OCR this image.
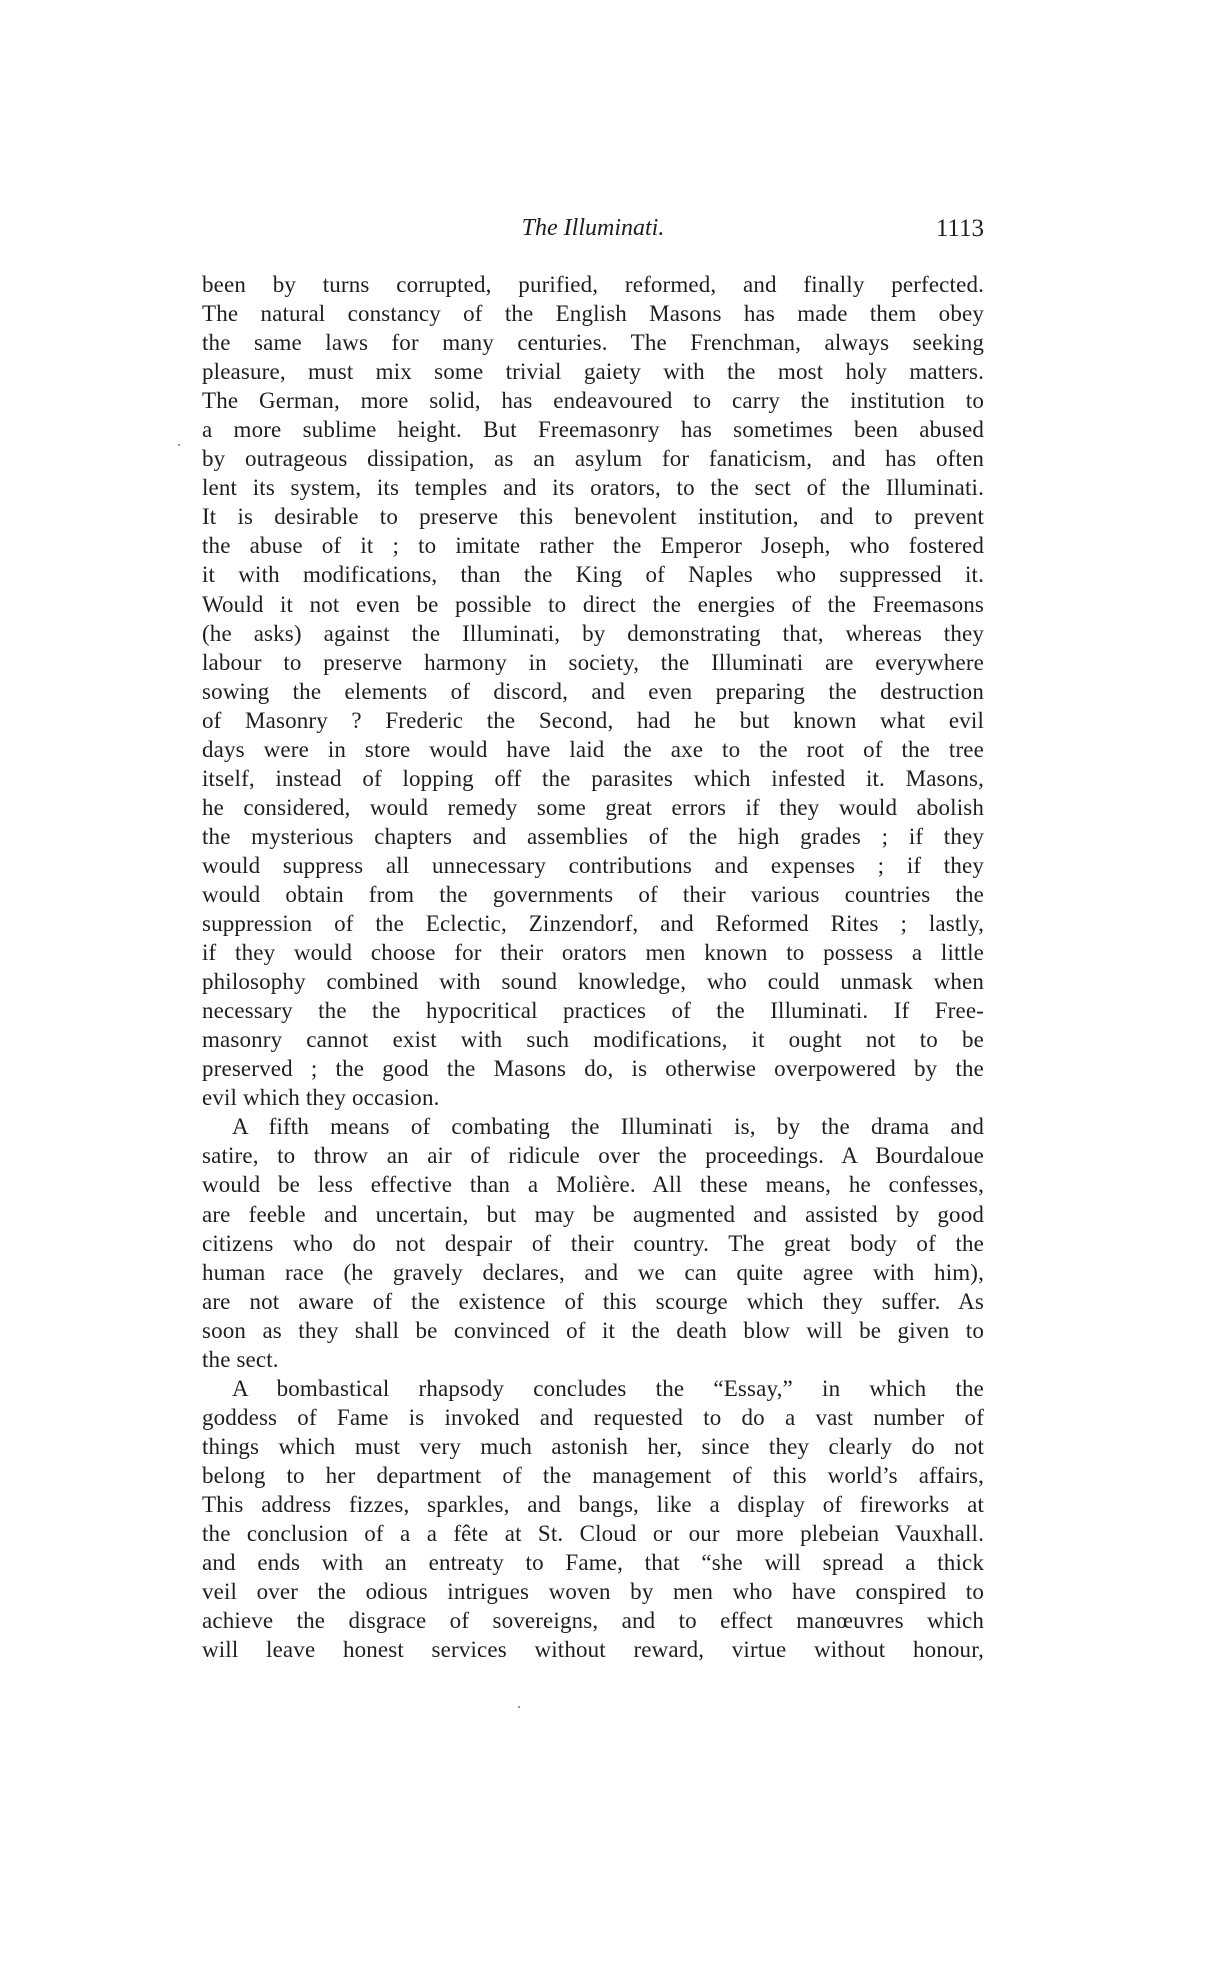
The Illuminati.	1113
been by turns corrupted, purified, reformed, and finally perfected.
The natural constancy of the English Masons has made them obey
the same laws for many centuries. The Frenchman, always seeking
pleasure, must mix some trivial gaiety with the most holy matters.
The German, more solid, has endeavoured to carry the institution to
a more sublime height. But Freemasonry has sometimes been abused
by outrageous dissipation, as an asylum for fanaticism, and has often
lent its system, its temples and its orators, to the sect of the Illuminati.
It is desirable to preserve this benevolent institution, and to prevent
the abuse of it ; to imitate rather the Emperor Joseph, who fostered
it with modifications, than the King of Naples who suppressed it.
Would it not even be possible to direct the energies of the Freemasons
(he asks) against the Illuminati, by demonstrating that, whereas they
labour to preserve harmony in society, the Illuminati are everywhere
sowing the elements of discord, and even preparing the destruction
of Masonry ? Frederic the Second, had he but known what evil
days were in store would have laid the axe to the root of the tree
itself, instead of lopping off the parasites which infested it. Masons,
he considered, would remedy some great errors if they would abolish
the mysterious chapters and assemblies of the high grades ; if they
would suppress all unnecessary contributions and expenses ; if they
would obtain from the governments of their various countries the
suppression of the Eclectic, Zinzendorf, and Reformed Rites ; lastly,
if they would choose for their orators men known to possess a little
philosophy combined with sound knowledge, who could unmask when
necessary the the hypocritical practices of the Illuminati. If Free-
masonry cannot exist with such modifications, it ought not to be
preserved ; the good the Masons do, is otherwise overpowered by the
evil which they occasion.
A fifth means of combating the Illuminati is, by the drama and
satire, to throw an air of ridicule over the proceedings. A Bourdaloue
would be less effective than a Molière. All these means, he confesses,
are feeble and uncertain, but may be augmented and assisted by good
citizens who do not despair of their country. The great body of the
human race (he gravely declares, and we can quite agree with him),
are not aware of the existence of this scourge which they suffer. As
soon as they shall be convinced of it the death blow will be given to
the sect.
A bombastical rhapsody concludes the “Essay,” in which the
goddess of Fame is invoked and requested to do a vast number of
things which must very much astonish her, since they clearly do not
belong to her department of the management of this world’s affairs,
This address fizzes, sparkles, and bangs, like a display of fireworks at
the conclusion of a a fête at St. Cloud or our more plebeian Vauxhall.
and ends with an entreaty to Fame, that “she will spread a thick
veil over the odious intrigues woven by men who have conspired to
achieve the disgrace of sovereigns, and to effect manœuvres which
will leave honest services without reward, virtue without honour,
